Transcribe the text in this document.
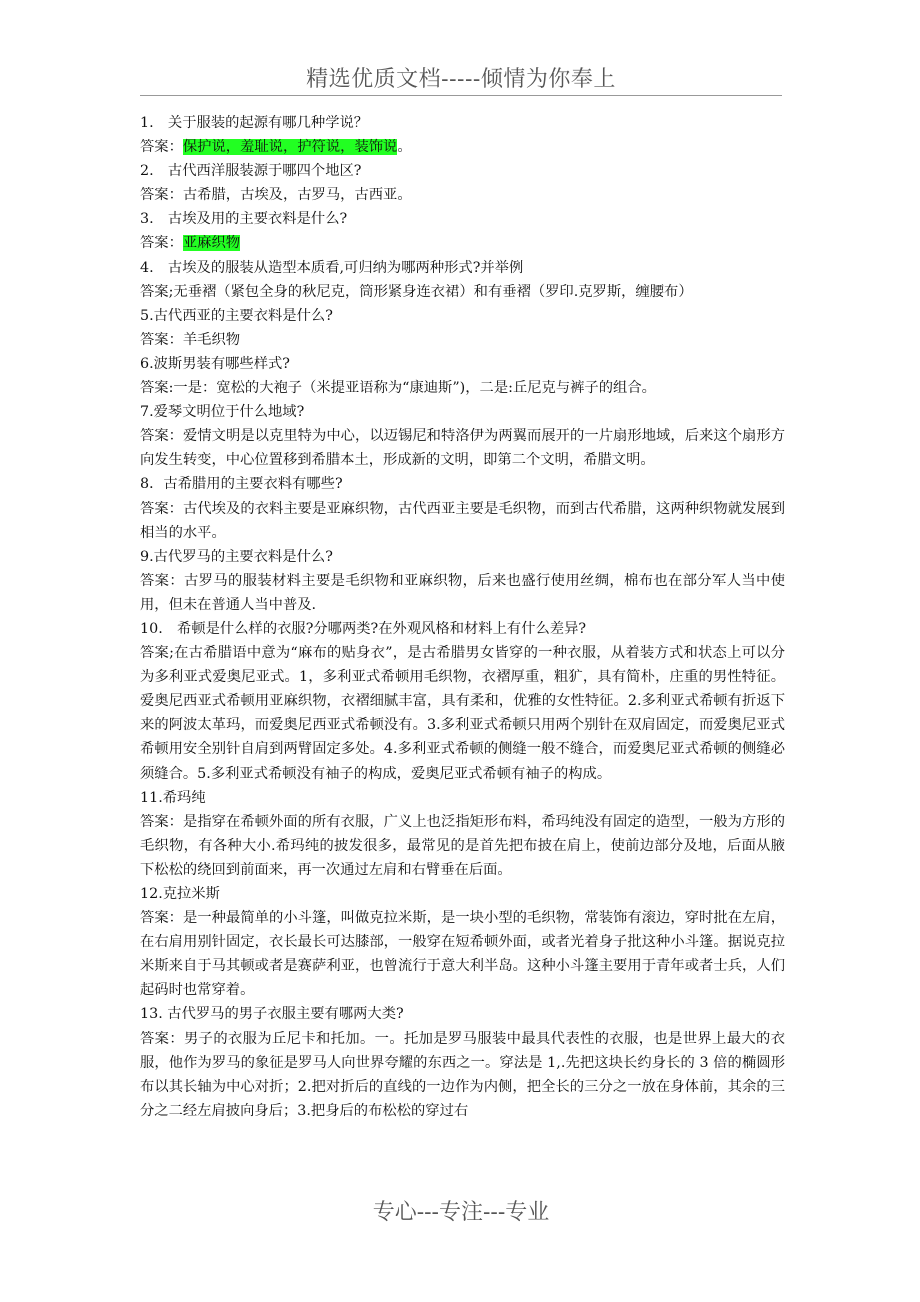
精选优质文档-----倾情为你奉上
1.　关于服装的起源有哪几种学说？
答案：保护说，羞耻说，护符说，装饰说。
2.　古代西洋服装源于哪四个地区?
答案：古希腊，古埃及，古罗马，古西亚。
3.　古埃及用的主要衣料是什么?
答案：亚麻织物
4.　古埃及的服装从造型本质看,可归纳为哪两种形式?并举例
答案;无垂褶（紧包全身的秋尼克，筒形紧身连衣裙）和有垂褶（罗印.克罗斯，缠腰布）
5.古代西亚的主要衣料是什么?
答案：羊毛织物
6.波斯男装有哪些样式?
答案:一是：宽松的大袍子（米提亚语称为“康迪斯”)，二是:丘尼克与裤子的组合。
7.爱琴文明位于什么地域?
答案：爱情文明是以克里特为中心，以迈锡尼和特洛伊为两翼而展开的一片扇形地域，后来这个扇形方向发生转变，中心位置移到希腊本土，形成新的文明，即第二个文明，希腊文明。
8．古希腊用的主要衣料有哪些?
答案：古代埃及的衣料主要是亚麻织物，古代西亚主要是毛织物，而到古代希腊，这两种织物就发展到相当的水平。
9.古代罗马的主要衣料是什么?
答案：古罗马的服装材料主要是毛织物和亚麻织物，后来也盛行使用丝绸，棉布也在部分军人当中使用，但未在普通人当中普及.
10.　希顿是什么样的衣服?分哪两类?在外观风格和材料上有什么差异?
答案;在古希腊语中意为“麻布的贴身衣”，是古希腊男女皆穿的一种衣服，从着装方式和状态上可以分为多利亚式爱奥尼亚式。1，多利亚式希顿用毛织物，衣褶厚重，粗犷，具有简朴，庄重的男性特征。爱奥尼西亚式希顿用亚麻织物，衣褶细腻丰富，具有柔和，优雅的女性特征。2.多利亚式希顿有折返下来的阿波太革玛，而爱奥尼西亚式希顿没有。3.多利亚式希顿只用两个别针在双肩固定，而爱奥尼亚式希顿用安全别针自肩到两臂固定多处。4.多利亚式希顿的侧缝一般不缝合，而爱奥尼亚式希顿的侧缝必须缝合。5.多利亚式希顿没有袖子的构成，爱奥尼亚式希顿有袖子的构成。
11.希玛纯
答案：是指穿在希顿外面的所有衣服，广义上也泛指矩形布料，希玛纯没有固定的造型，一般为方形的毛织物，有各种大小.希玛纯的披发很多，最常见的是首先把布披在肩上，使前边部分及地，后面从腋下松松的绕回到前面来，再一次通过左肩和右臂垂在后面。
12.克拉米斯
答案：是一种最简单的小斗篷，叫做克拉米斯，是一块小型的毛织物，常装饰有滚边，穿时批在左肩，在右肩用别针固定，衣长最长可达膝部，一般穿在短希顿外面，或者光着身子批这种小斗篷。据说克拉米斯来自于马其顿或者是赛萨利亚，也曾流行于意大利半岛。这种小斗篷主要用于青年或者士兵，人们起码时也常穿着。
13. 古代罗马的男子衣服主要有哪两大类?
答案：男子的衣服为丘尼卡和托加。一。托加是罗马服装中最具代表性的衣服，也是世界上最大的衣服，他作为罗马的象征是罗马人向世界夸耀的东西之一。穿法是 1,.先把这块长约身长的 3 倍的椭圆形布以其长轴为中心对折；2.把对折后的直线的一边作为内侧，把全长的三分之一放在身体前，其余的三分之二经左肩披向身后；3.把身后的布松松的穿过右
专心---专注---专业
